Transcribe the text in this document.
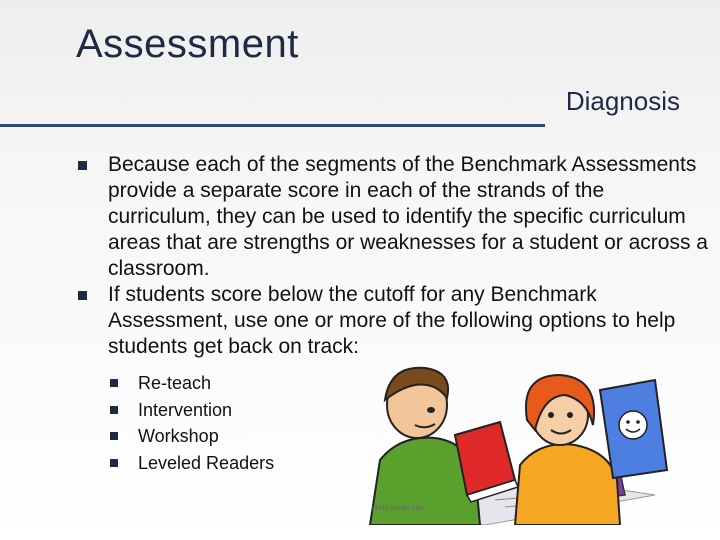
Assessment
Diagnosis
Because each of the segments of the Benchmark Assessments provide a separate score in each of the strands of the curriculum, they can be used to identify the specific curriculum areas that are strengths or weaknesses for a student or across a classroom.
If students score below the cutoff for any Benchmark Assessment, use one or more of the following options to help students get back on track:
Re-teach
Intervention
Workshop
Leveled Readers
philip.martin.info
